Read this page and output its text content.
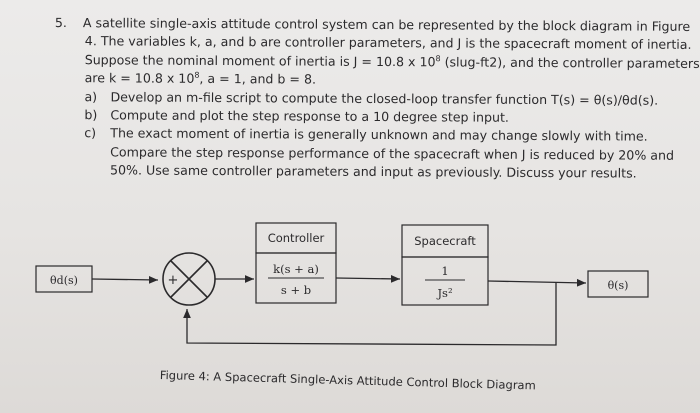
5. A satellite single-axis attitude control system can be represented by the block diagram in Figure
4. The variables k, a, and b are controller parameters, and J is the spacecraft moment of inertia.
Suppose the nominal moment of inertia is J = 10.8 x $10^8$ (slug-ft2), and the controller parameters
are k = 10.8 x $10^8$, a = 1, and b = 8.
a) Develop an m-file script to compute the closed-loop transfer function T(s) = θ(s)/θd(s).
b) Compute and plot the step response to a 10 degree step input.
c) The exact moment of inertia is generally unknown and may change slowly with time.
Compare the step response performance of the spacecraft when J is reduced by 20% and
50%. Use same controller parameters and input as previously. Discuss your results.
θd(s)	+
Controller
k(s + a)
s + b
Spacecraft
1
Js²
θ(s)
Figure 4: A Spacecraft Single-Axis Attitude Control Block Diagram
